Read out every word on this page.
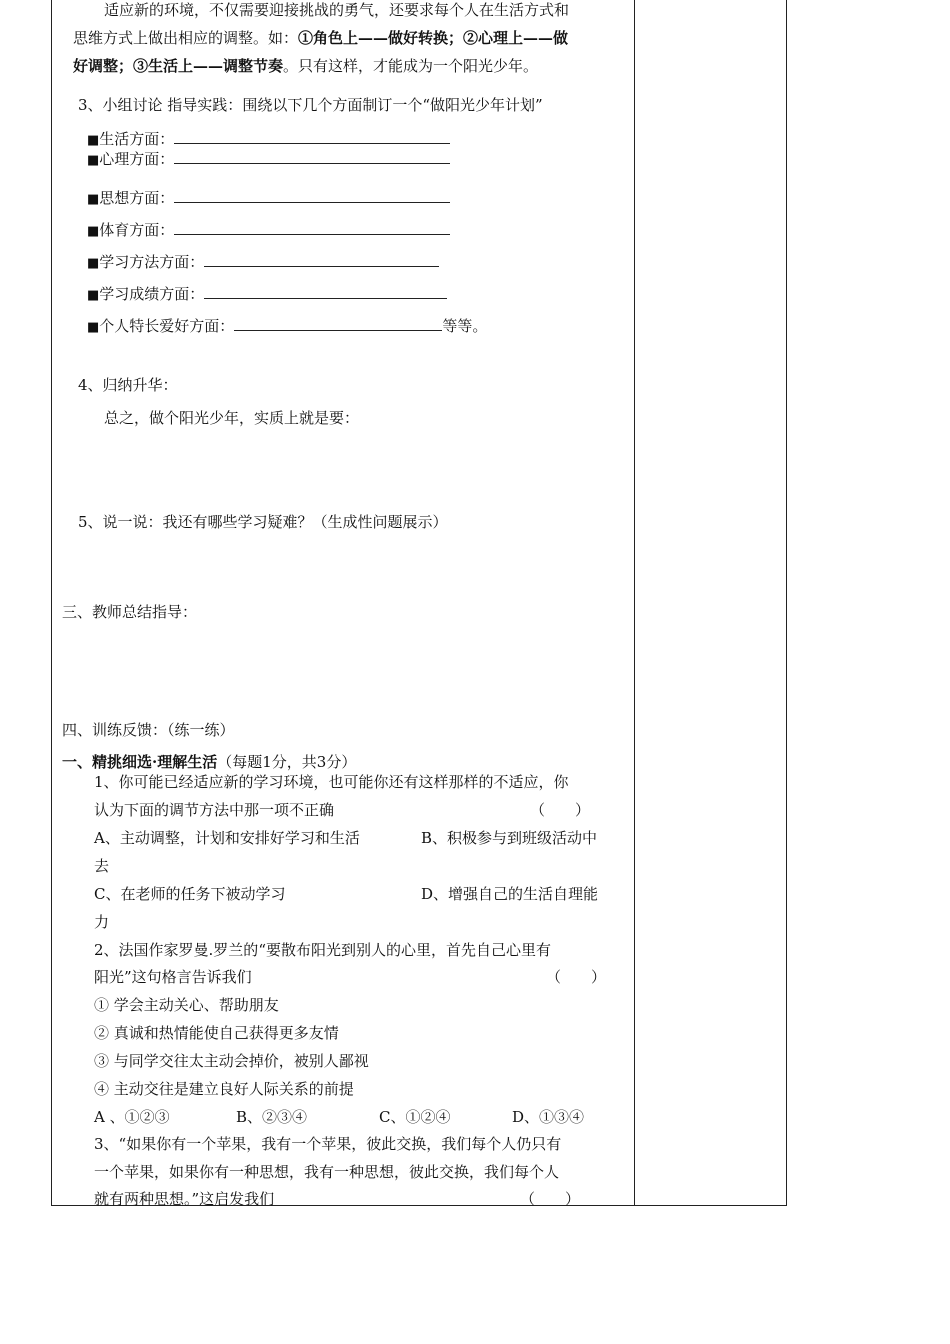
适应新的环境，不仅需要迎接挑战的勇气，还要求每个人在生活方式和
思维方式上做出相应的调整。如：①角色上——做好转换；②心理上——做
好调整；③生活上——调整节奏。只有这样，才能成为一个阳光少年。
3、小组讨论 指导实践：围绕以下几个方面制订一个“做阳光少年计划”
■生活方面：
■心理方面：
■思想方面：
■体育方面：
■学习方法方面：
■学习成绩方面：
■个人特长爱好方面：	等等。
4、归纳升华：
总之，做个阳光少年，实质上就是要：
5、说一说：我还有哪些学习疑难？（生成性问题展示）
三、教师总结指导：
四、训练反馈：（练一练）
一、精挑细选·理解生活（每题1分，共3分）
1、你可能已经适应新的学习环境，也可能你还有这样那样的不适应，你
认为下面的调节方法中那一项不正确	（　　）
A、主动调整，计划和安排好学习和生活	B、积极参与到班级活动中
去
C、在老师的任务下被动学习	D、增强自己的生活自理能
力
2、法国作家罗曼.罗兰的“要散布阳光到别人的心里，首先自己心里有
阳光”这句格言告诉我们	（　　）
① 学会主动关心、帮助朋友
② 真诚和热情能使自己获得更多友情
③ 与同学交往太主动会掉价，被别人鄙视
④ 主动交往是建立良好人际关系的前提
A 、①②③	B、②③④	C、①②④	D、①③④
3、“如果你有一个苹果，我有一个苹果，彼此交换，我们每个人仍只有
一个苹果，如果你有一种思想，我有一种思想，彼此交换，我们每个人
就有两种思想。”这启发我们	（　　）
